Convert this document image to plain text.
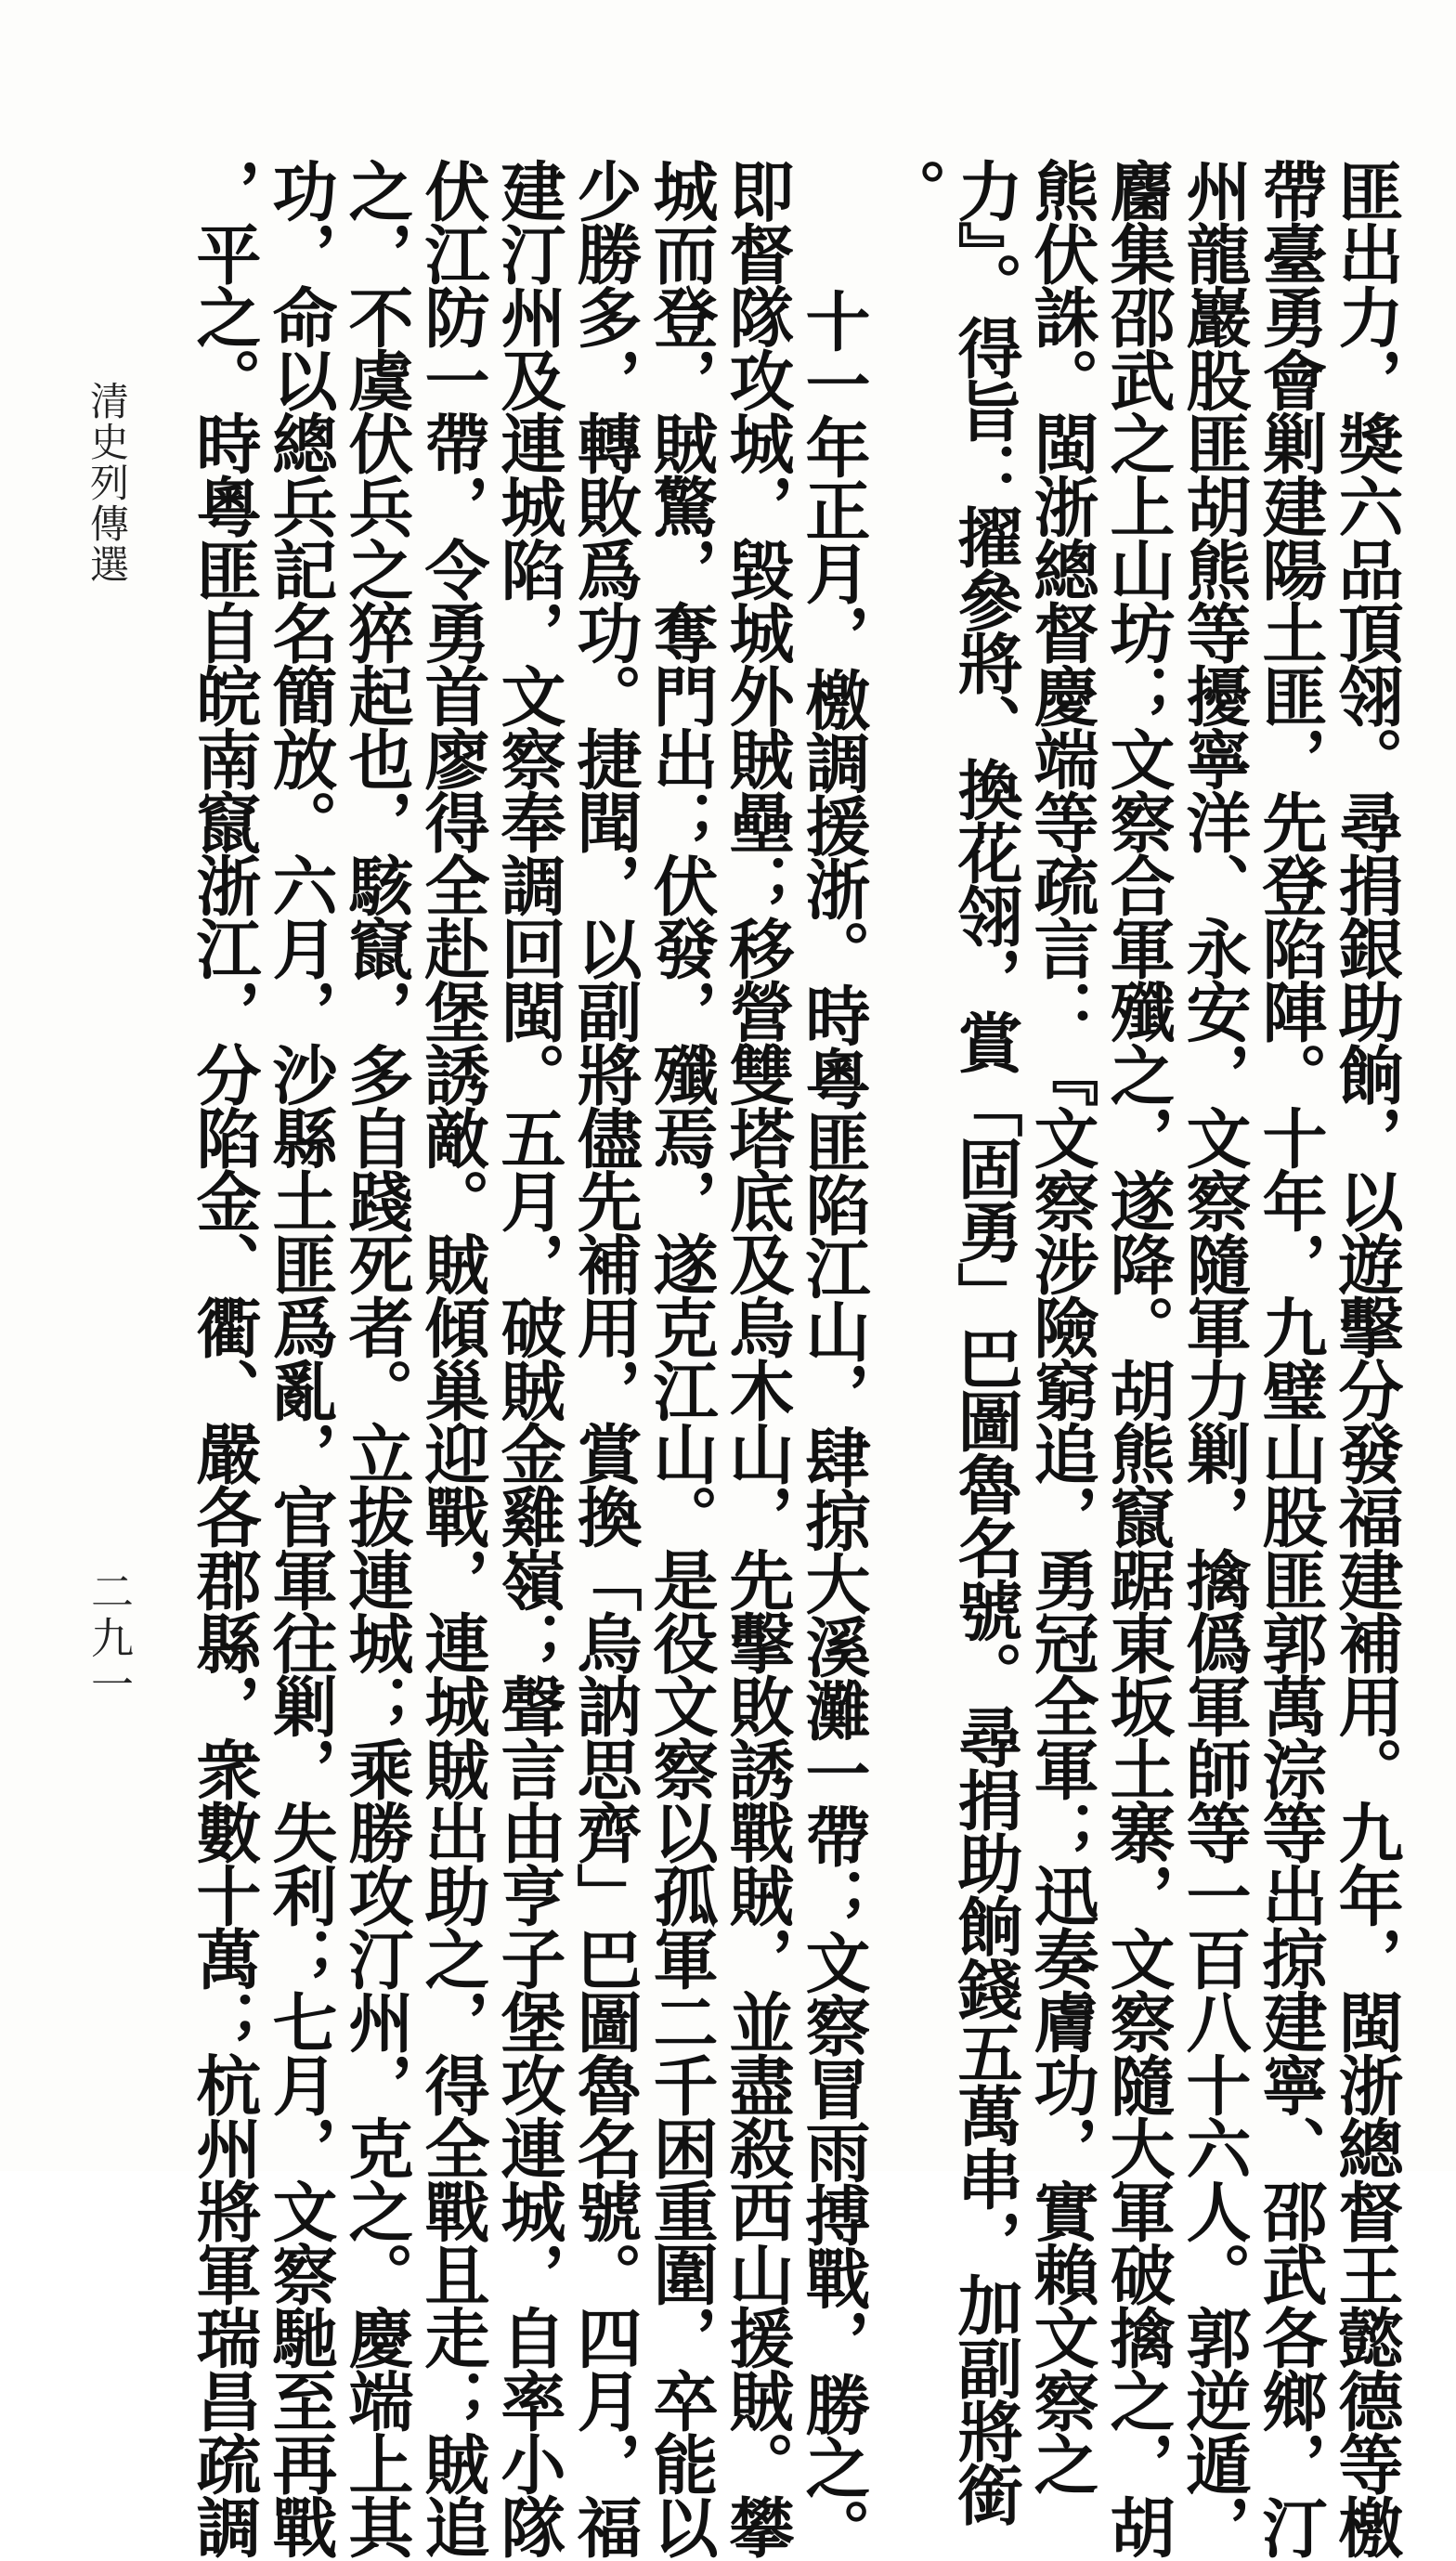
匪出力，獎六品頂翎。尋捐銀助餉，以遊擊分發福建補用。九年，閩浙總督王懿德等檄
帶臺勇會剿建陽土匪，先登陷陣。十年，九璧山股匪郭萬淙等出掠建寧、邵武各鄉，汀
州龍巖股匪胡熊等擾寧洋、永安，文察隨軍力剿，擒僞軍師等一百八十六人。郭逆遁，
麕集邵武之上山坊；文察合軍殲之，遂降。胡熊竄踞東坂土寨，文察隨大軍破擒之，胡
熊伏誅。閩浙總督慶端等疏言：『文察涉險窮追，勇冠全軍；迅奏膚功，實賴文察之
力』。得旨：擢參將、換花翎，賞「固勇」巴圖魯名號。尋捐助餉錢五萬串，加副將銜
。
十一年正月，檄調援浙。時粵匪陷江山，肆掠大溪灘一帶；文察冒雨搏戰，勝之。
即督隊攻城，毀城外賊壘；移營雙塔底及烏木山，先擊敗誘戰賊，並盡殺西山援賊。攀
城而登，賊驚，奪門出；伏發，殲焉，遂克江山。是役文察以孤軍二千困重圍，卒能以
少勝多，轉敗爲功。捷聞，以副將儘先補用，賞換「烏訥思齊」巴圖魯名號。四月，福
建汀州及連城陷，文察奉調回閩。五月，破賊金雞嶺；聲言由亨子堡攻連城，自率小隊
伏江防一帶，令勇首廖得全赴堡誘敵。賊傾巢迎戰，連城賊出助之，得全戰且走；賊追
之，不虞伏兵之猝起也，駭竄，多自踐死者。立拔連城；乘勝攻汀州，克之。慶端上其
功，命以總兵記名簡放。六月，沙縣土匪爲亂，官軍往剿，失利；七月，文察馳至再戰
，平之。時粵匪自皖南竄浙江，分陷金、衢、嚴各郡縣，衆數十萬；杭州將軍瑞昌疏調
清史列傳選
二九一
